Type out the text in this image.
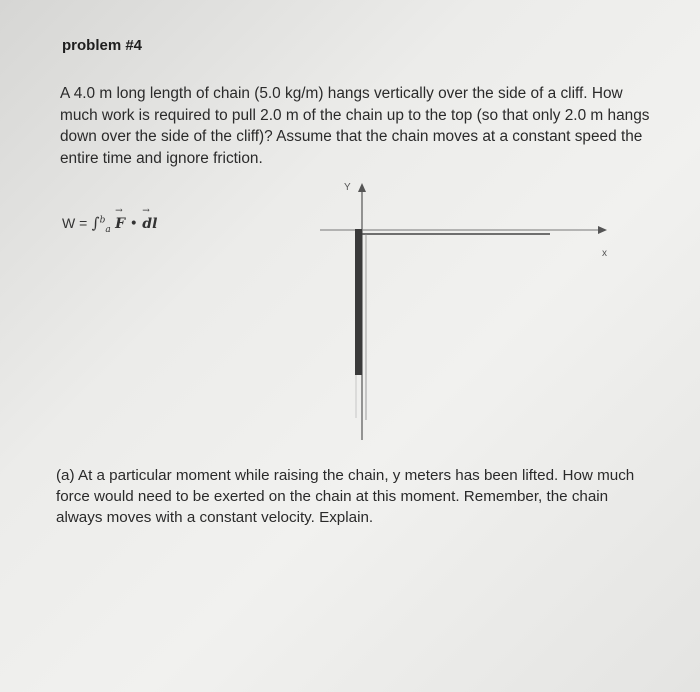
problem #4
A 4.0 m long length of chain (5.0 kg/m) hangs vertically over the side of a cliff. How much work is required to pull 2.0 m of the chain up to the top (so that only 2.0 m hangs down over the side of the cliff)? Assume that the chain moves at a constant speed the entire time and ignore friction.
W = ∫$^b_a$ → F • → dl
Y
x
(a) At a particular moment while raising the chain, y meters has been lifted. How much force would need to be exerted on the chain at this moment. Remember, the chain always moves with a constant velocity. Explain.
